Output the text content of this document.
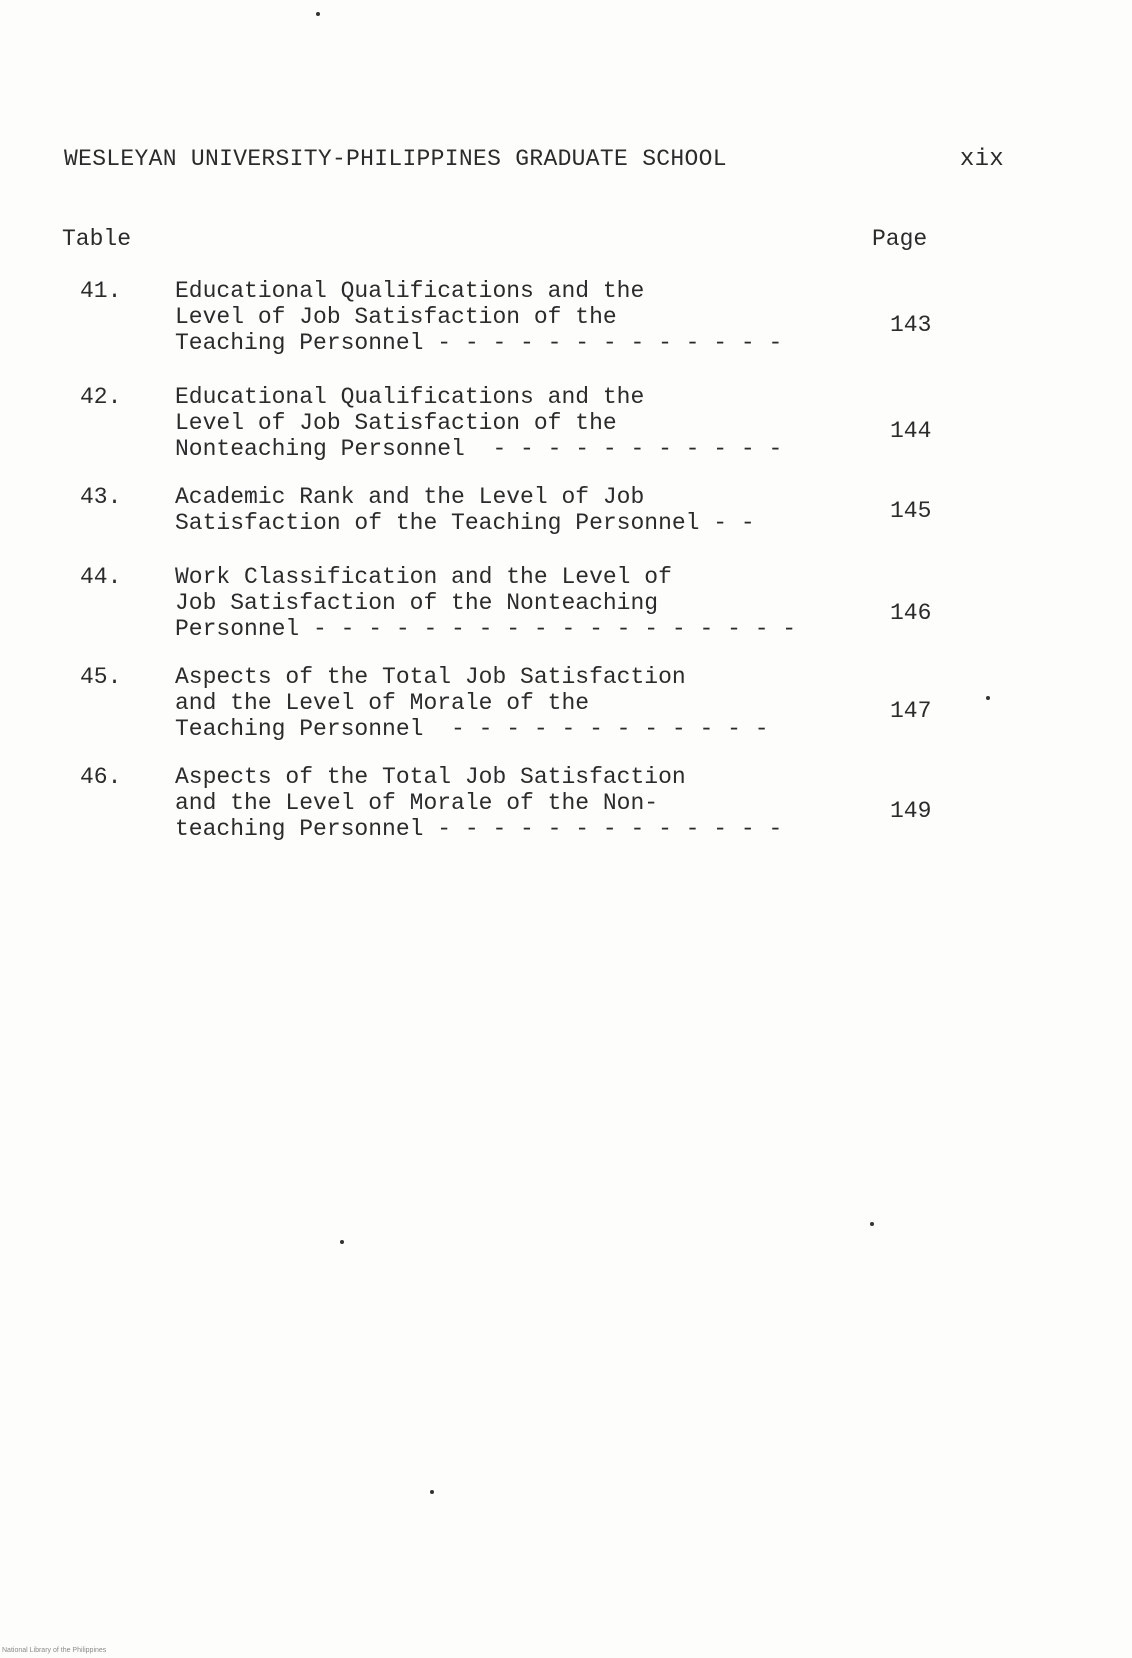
WESLEYAN UNIVERSITY-PHILIPPINES GRADUATE SCHOOL	xix
Table	Page
41. Educational Qualifications and the
Level of Job Satisfaction of the
Teaching Personnel - - - - - - - - - - - - -
143
42. Educational Qualifications and the
Level of Job Satisfaction of the
Nonteaching Personnel  - - - - - - - - - - -
144
43. Academic Rank and the Level of Job
Satisfaction of the Teaching Personnel - -	145
44. Work Classification and the Level of
Job Satisfaction of the Nonteaching
Personnel - - - - - - - - - - - - - - - - - -
146
45. Aspects of the Total Job Satisfaction
and the Level of Morale of the
Teaching Personnel  - - - - - - - - - - - -
147
46. Aspects of the Total Job Satisfaction
and the Level of Morale of the Non-
teaching Personnel - - - - - - - - - - - - -
149
National Library of the Philippines
